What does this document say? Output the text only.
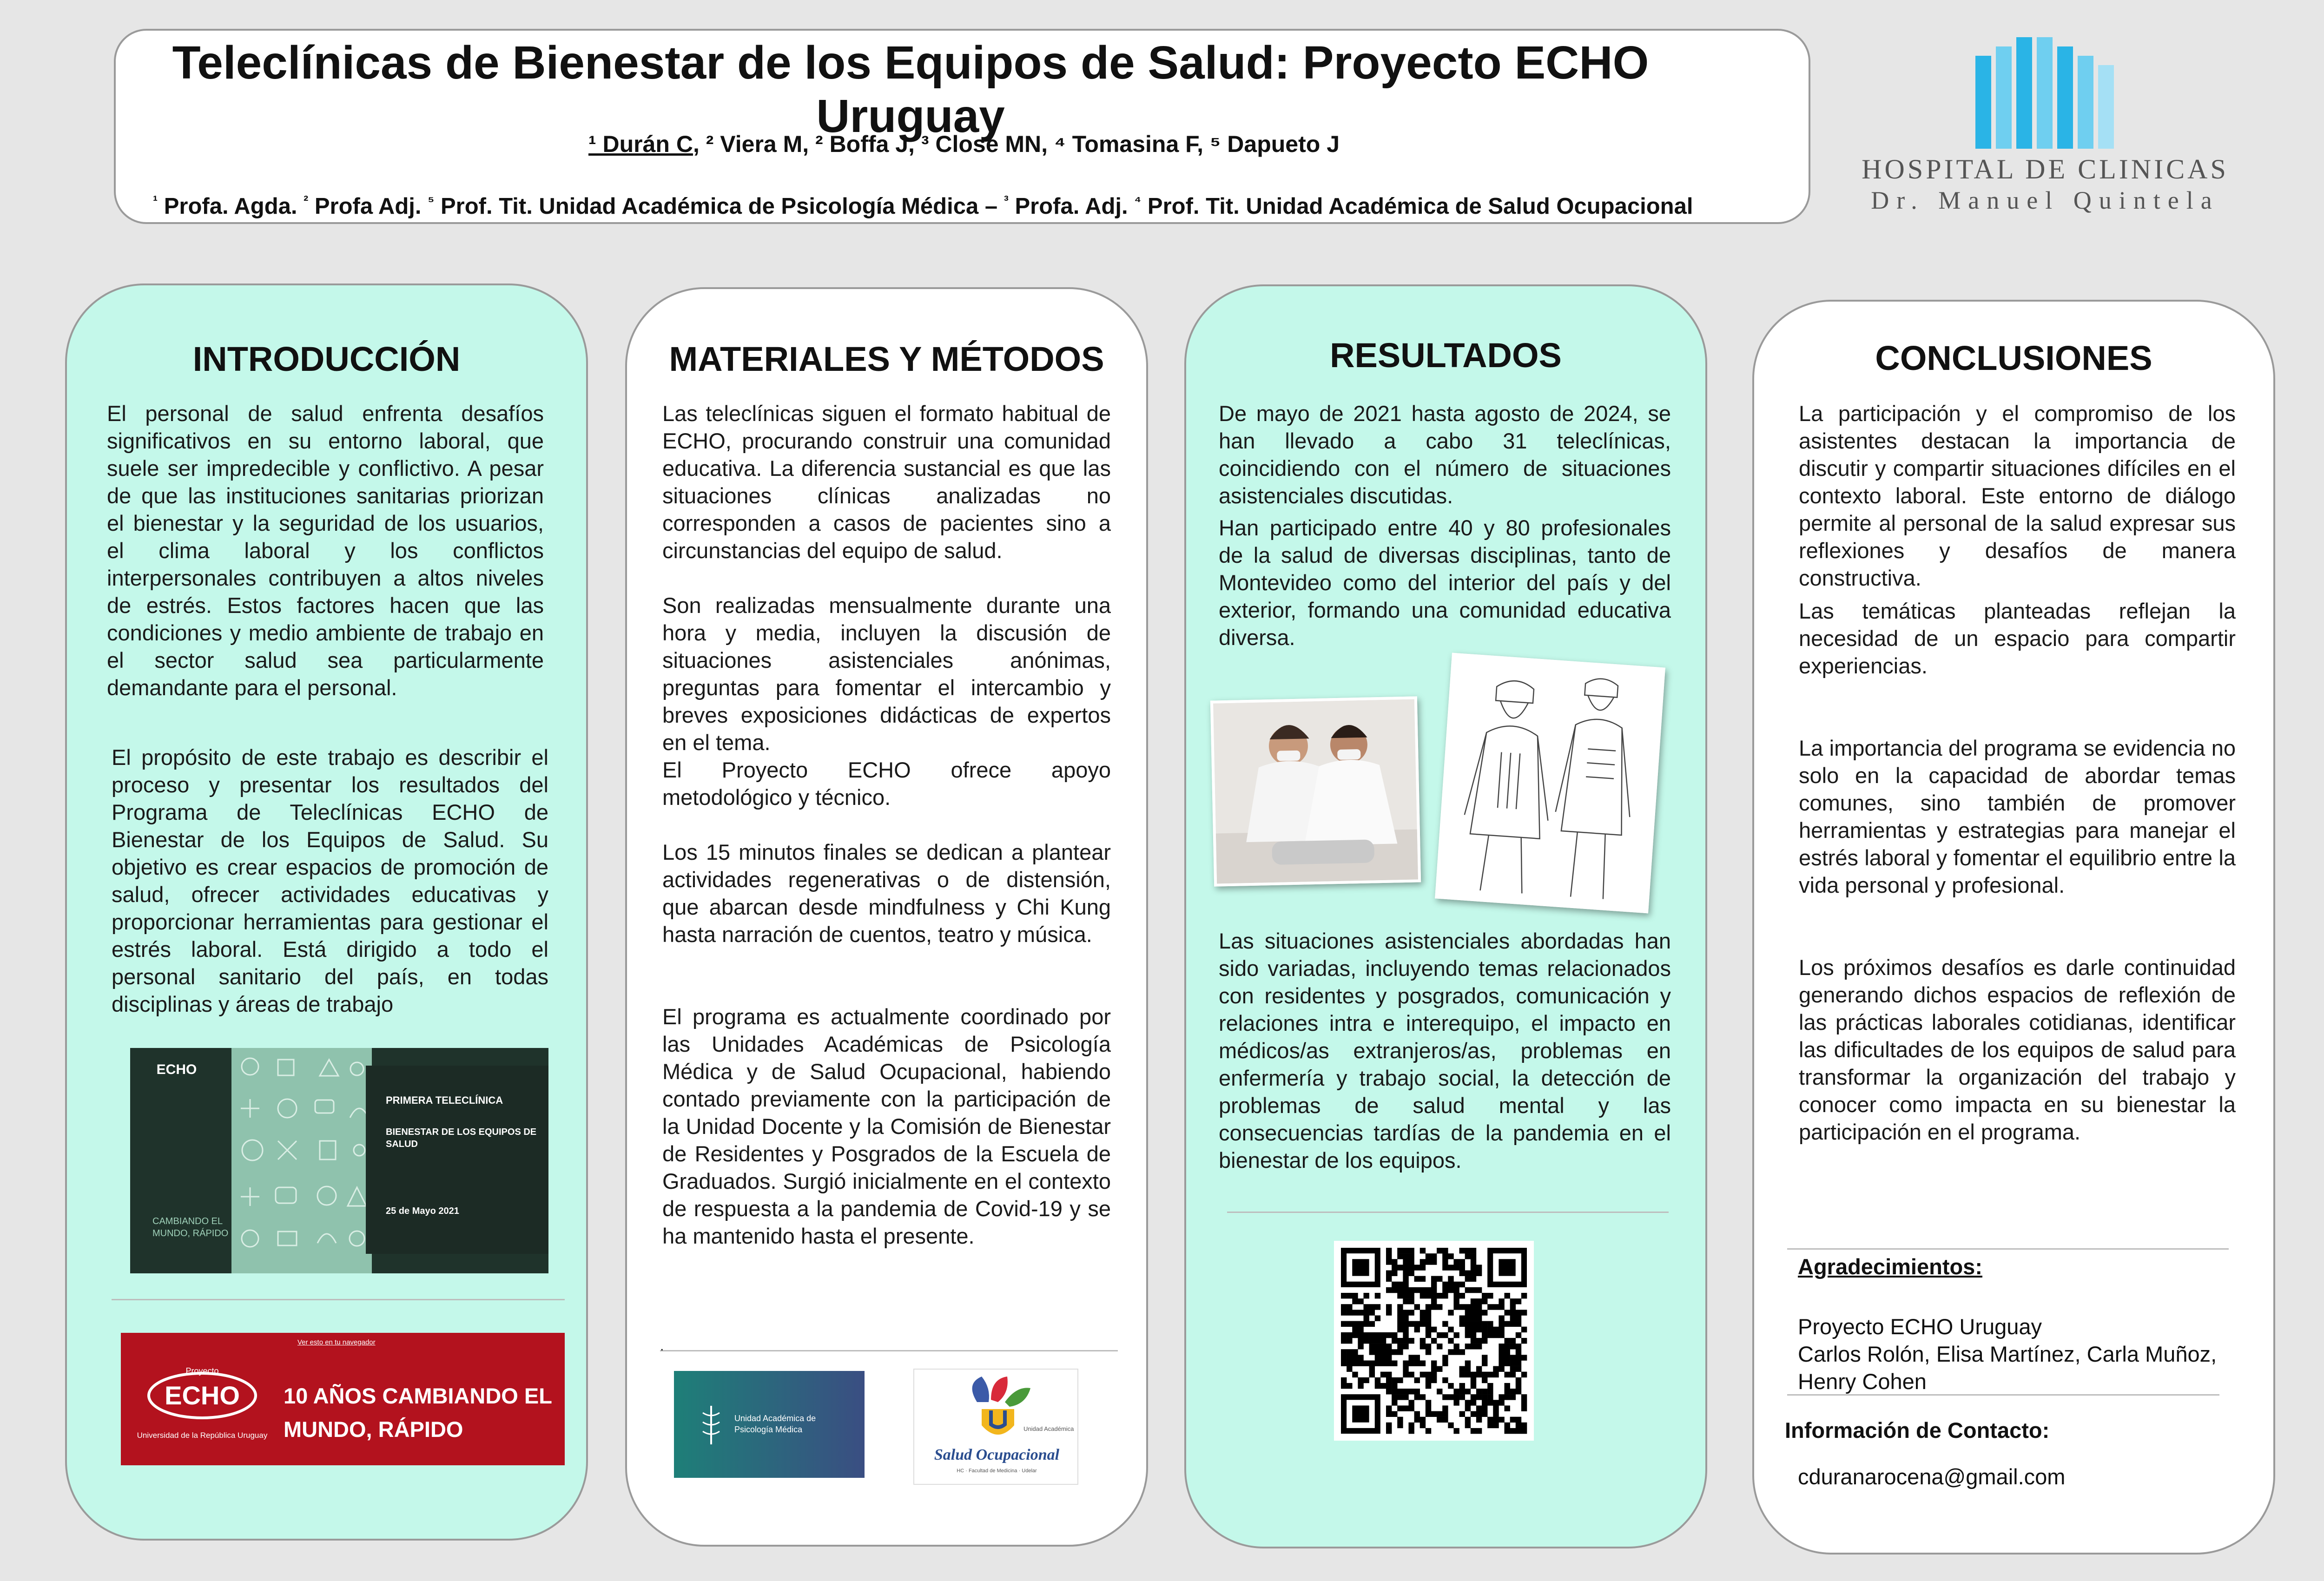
Teleclínicas de Bienestar de los Equipos de Salud: Proyecto ECHO Uruguay
¹ Durán C, ² Viera M, ² Boffa J, ³ Close MN, ⁴ Tomasina F, ⁵ Dapueto J
$^{^1}$ Profa. Agda. $^{^2}$ Profa Adj. $^{^5}$ Prof. Tit. Unidad Académica de Psicología Médica – $^{^3}$ Profa. Adj. $^{^4}$ Prof. Tit. Unidad Académica de Salud Ocupacional
HOSPITAL DE CLINICAS
Dr. Manuel Quintela
INTRODUCCIÓN
El personal de salud enfrenta desafíos significativos en su entorno laboral, que suele ser impredecible y conflictivo. A pesar de que las instituciones sanitarias priorizan el bienestar y la seguridad de los usuarios, el clima laboral y los conflictos interpersonales contribuyen a altos niveles de estrés. Estos factores hacen que las condiciones y medio ambiente de trabajo en el sector salud sea particularmente demandante para el personal.
El propósito de este trabajo es describir el proceso y presentar los resultados del Programa de Teleclínicas ECHO de Bienestar de los Equipos de Salud. Su objetivo es crear espacios de promoción de salud, ofrecer actividades educativas y proporcionar herramientas para gestionar el estrés laboral. Está dirigido a todo el personal sanitario del país, en todas disciplinas y áreas de trabajo
ECHO
CAMBIANDO EL MUNDO, RÁPIDO
PRIMERA TELECLÍNICA
BIENESTAR DE LOS EQUIPOS DE SALUD
25 de Mayo 2021
Ver esto en tu navegador
Proyecto
ECHO
Universidad de la República Uruguay
10 AÑOS CAMBIANDO EL MUNDO, RÁPIDO
MATERIALES Y MÉTODOS
Las teleclínicas siguen el formato habitual de ECHO, procurando construir una comunidad educativa. La diferencia sustancial es que las situaciones clínicas analizadas no corresponden a casos de pacientes sino a circunstancias del equipo de salud.
Son realizadas mensualmente durante una hora y media, incluyen la discusión de situaciones asistenciales anónimas, preguntas para fomentar el intercambio y breves exposiciones didácticas de expertos en el tema.
El Proyecto ECHO ofrece apoyo metodológico y técnico.
Los 15 minutos finales se dedican a plantear actividades regenerativas o de distensión, que abarcan desde mindfulness y Chi Kung hasta narración de cuentos, teatro y música.
El programa es actualmente coordinado por las Unidades Académicas de Psicología Médica y de Salud Ocupacional, habiendo contado previamente con la participación de la Unidad Docente y la Comisión de Bienestar de Residentes y Posgrados de la Escuela de Graduados. Surgió inicialmente en el contexto de respuesta a la pandemia de Covid-19 y se ha mantenido hasta el presente.
.
Unidad Académica de Psicología Médica	Unidad Académica
Salud Ocupacional
HC · Facultad de Medicina · Udelar
RESULTADOS
De mayo de 2021 hasta agosto de 2024, se han llevado a cabo 31 teleclínicas, coincidiendo con el número de situaciones asistenciales discutidas.
Han participado entre 40 y 80 profesionales de la salud de diversas disciplinas, tanto de Montevideo como del interior del país y del exterior, formando una comunidad educativa diversa.
Las situaciones asistenciales abordadas han sido variadas, incluyendo temas relacionados con residentes y posgrados, comunicación y relaciones intra e interequipo, el impacto en médicos/as extranjeros/as, problemas en enfermería y trabajo social, la detección de problemas de salud mental y las consecuencias tardías de la pandemia en el bienestar de los equipos.
CONCLUSIONES
La participación y el compromiso de los asistentes destacan la importancia de discutir y compartir situaciones difíciles en el contexto laboral. Este entorno de diálogo permite al personal de la salud expresar sus reflexiones y desafíos de manera constructiva.
Las temáticas planteadas reflejan la necesidad de un espacio para compartir experiencias.
La importancia del programa se evidencia no solo en la capacidad de abordar temas comunes, sino también de promover herramientas y estrategias para manejar el estrés laboral y fomentar el equilibrio entre la vida personal y profesional.
Los próximos desafíos es darle continuidad generando dichos espacios de reflexión de las prácticas laborales cotidianas, identificar las dificultades de los equipos de salud para transformar la organización del trabajo y conocer como impacta en su bienestar la participación en el programa.
Agradecimientos:
Proyecto ECHO Uruguay
Carlos Rolón, Elisa Martínez, Carla Muñoz, Henry Cohen
Información de Contacto:
cduranarocena@gmail.com
